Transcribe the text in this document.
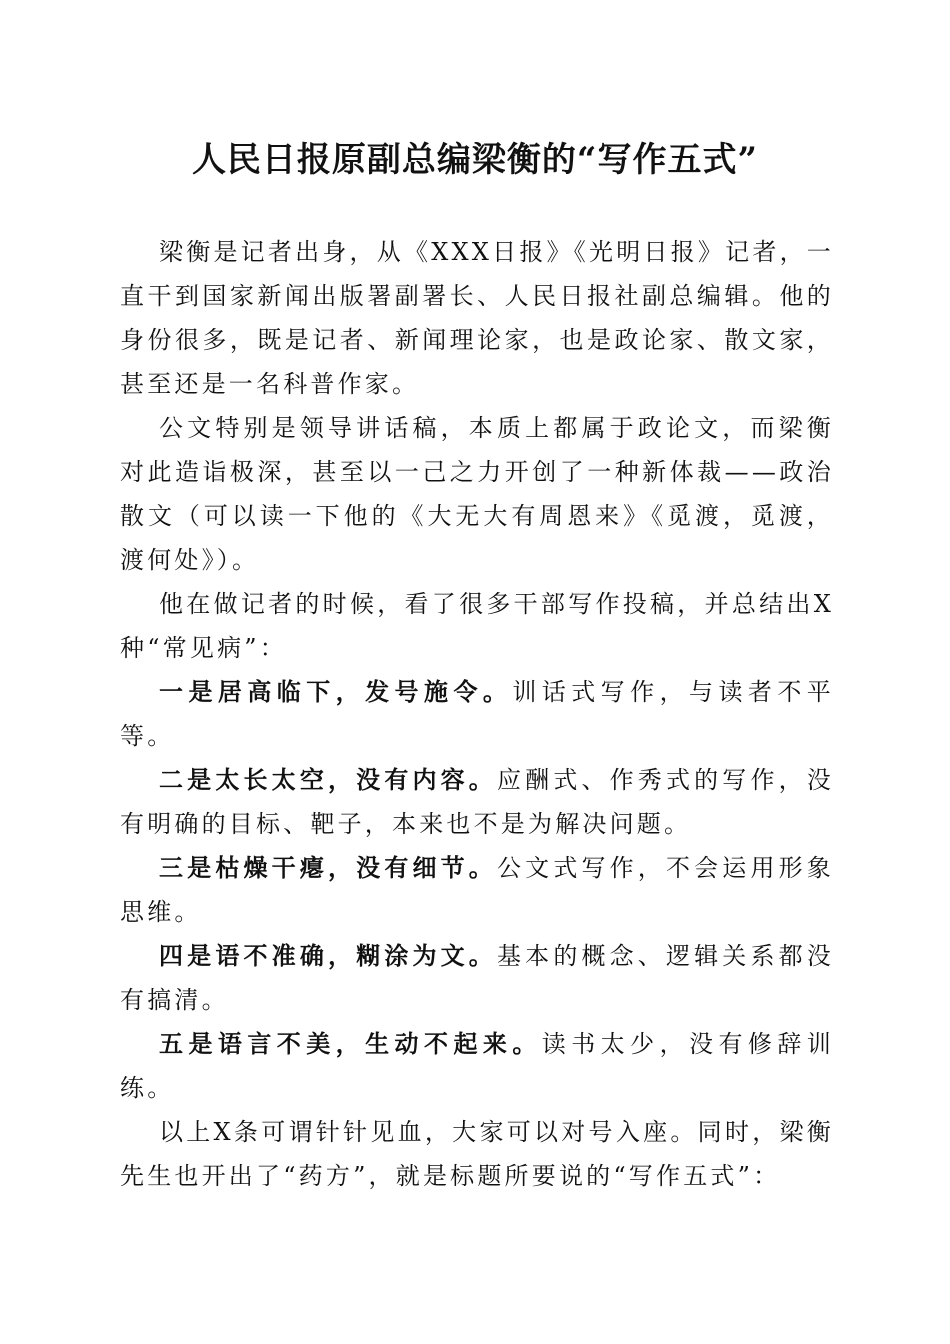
人民日报原副总编梁衡的“写作五式”

梁衡是记者出身，从《XXX日报》《光明日报》记者，一直干到国家新闻出版署副署长、人民日报社副总编辑。他的身份很多，既是记者、新闻理论家，也是政论家、散文家，甚至还是一名科普作家。

公文特别是领导讲话稿，本质上都属于政论文，而梁衡对此造诣极深，甚至以一己之力开创了一种新体裁——政治散文（可以读一下他的《大无大有周恩来》《觅渡，觅渡，渡何处》）。

他在做记者的时候，看了很多干部写作投稿，并总结出X种“常见病”：

一是居高临下，发号施令。训话式写作，与读者不平等。

二是太长太空，没有内容。应酬式、作秀式的写作，没有明确的目标、靶子，本来也不是为解决问题。

三是枯燥干瘪，没有细节。公文式写作，不会运用形象思维。

四是语不准确，糊涂为文。基本的概念、逻辑关系都没有搞清。

五是语言不美，生动不起来。读书太少，没有修辞训练。

以上X条可谓针针见血，大家可以对号入座。同时，梁衡先生也开出了“药方”，就是标题所要说的“写作五式”：
